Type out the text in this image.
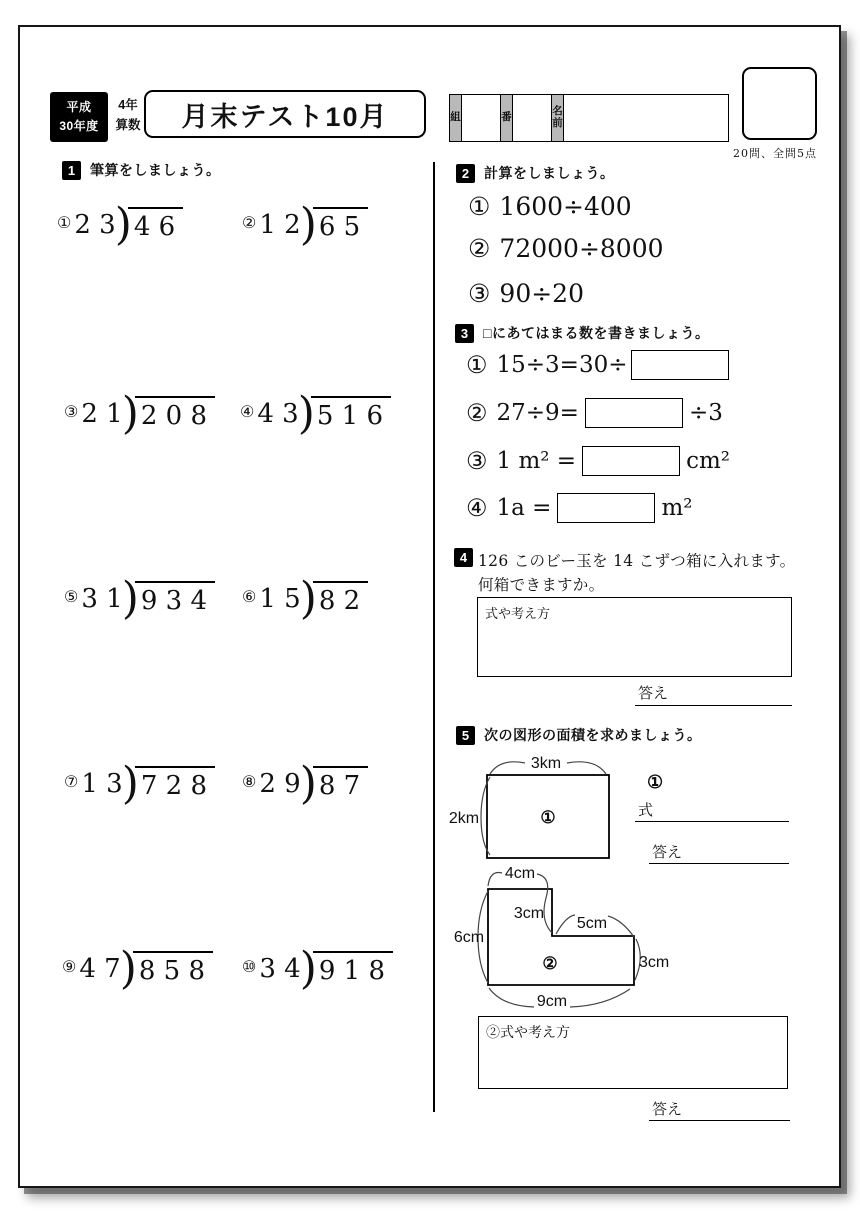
平成
30年度
4年
算数 月末テスト10月	組	番	名
前
20問、全問5点
1	筆算をしましょう。
① 2 3 ) 4 6	② 1 2 ) 6 5
③ 2 1 ) 2 0 8	④ 4 3 ) 5 1 6
⑤ 3 1 ) 9 3 4	⑥ 1 5 ) 8 2
⑦ 1 3 ) 7 2 8	⑧ 2 9 ) 8 7
⑨ 4 7 ) 8 5 8	⑩ 3 4 ) 9 1 8
2	計算をしましょう。
① 1600÷400
② 72000÷8000
③ 90÷20
3	□にあてはまる数を書きましょう。
① 15÷3=30÷
② 27÷9=	÷3
③ 1 m² =	cm²
④ 1a =	m²
4 126 このビー玉を 14 こずつ箱に入れます。
何箱できますか。
式や考え方
答え
5	次の図形の面積を求めましょう。
3km
2km	①
①
式
答え
4cm
3cm
5cm
6cm
3cm
9cm
②
②式や考え方
答え
